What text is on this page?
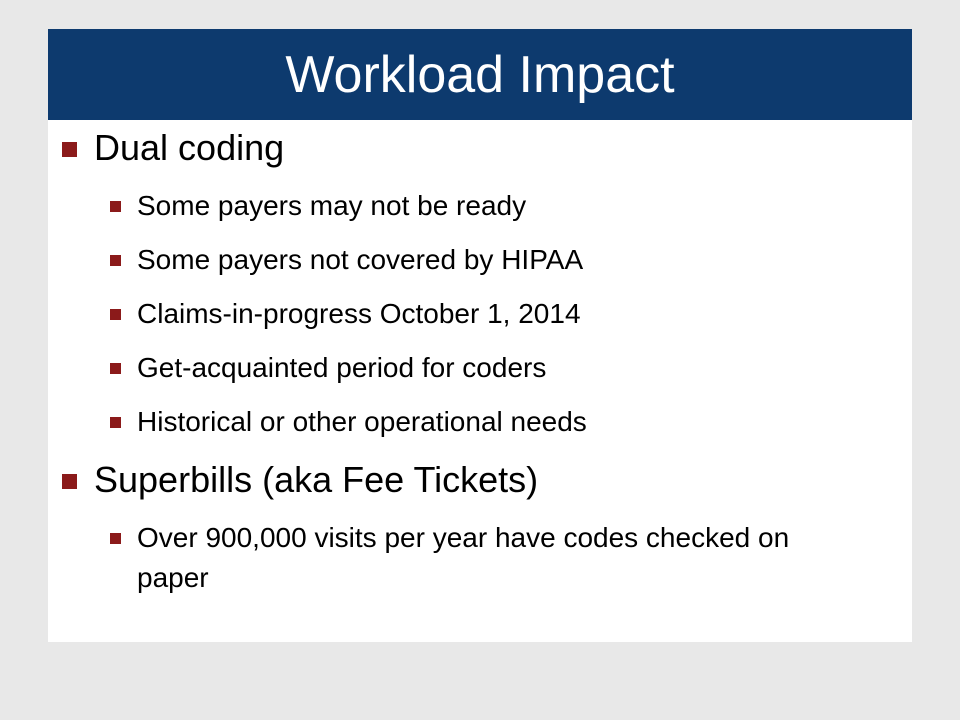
Workload Impact
Dual coding
Some payers may not be ready
Some payers not covered by HIPAA
Claims-in-progress October 1, 2014
Get-acquainted period for coders
Historical or other operational needs
Superbills (aka Fee Tickets)
Over 900,000 visits per year have codes checked on paper
